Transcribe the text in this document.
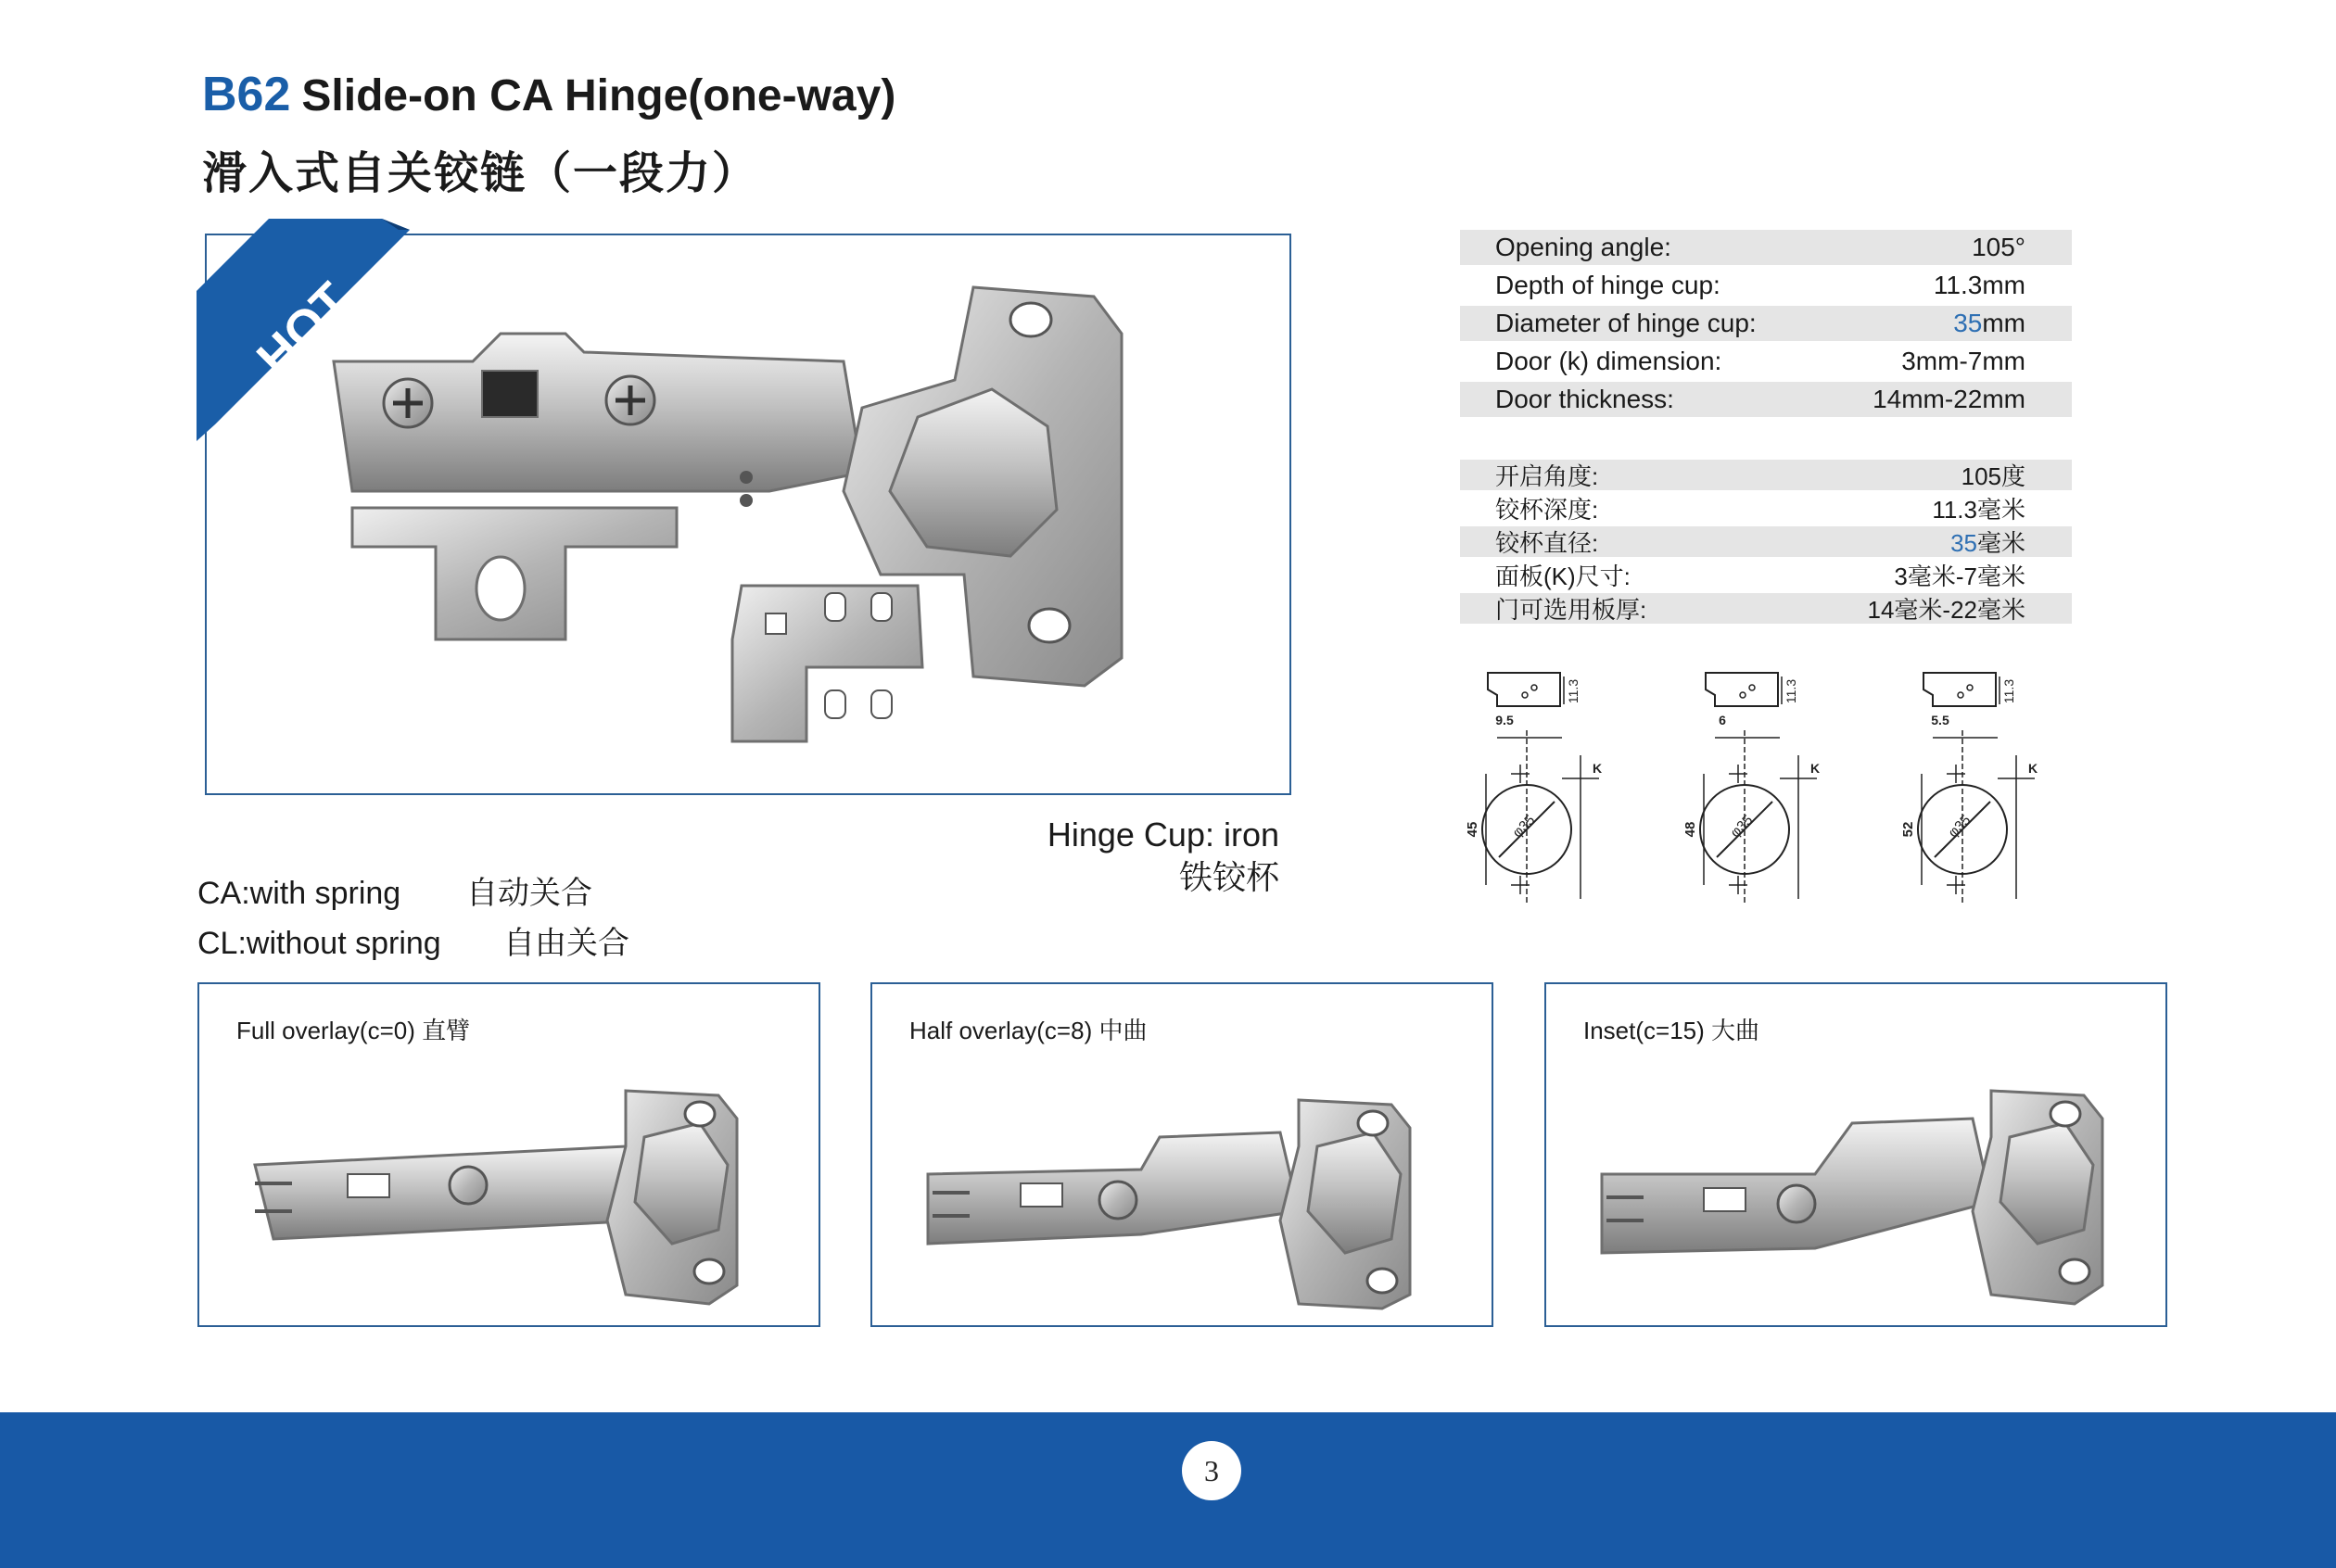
B62 Slide-on CA Hinge(one-way)
滑入式自关铰链（一段力）
HOT
Hinge Cup: iron
铁铰杯
CA:with spring 自动关合
CL:without spring 自由关合
Opening angle:	105°
Depth of hinge cup:	11.3mm
Diameter of hinge cup:	35mm
Door (k) dimension:	3mm-7mm
Door thickness:	14mm-22mm
开启角度:	105度
铰杯深度:	11.3毫米
铰杯直径:	35毫米
面板(K)尺寸:	3毫米-7毫米
门可选用板厚:	14毫米-22毫米
11.3
9.5
φ35
K
45
11.3
6
φ35
K
48
11.3
5.5
φ35
K
52
Full overlay(c=0) 直臂	Half overlay(c=8) 中曲	Inset(c=15) 大曲
3
